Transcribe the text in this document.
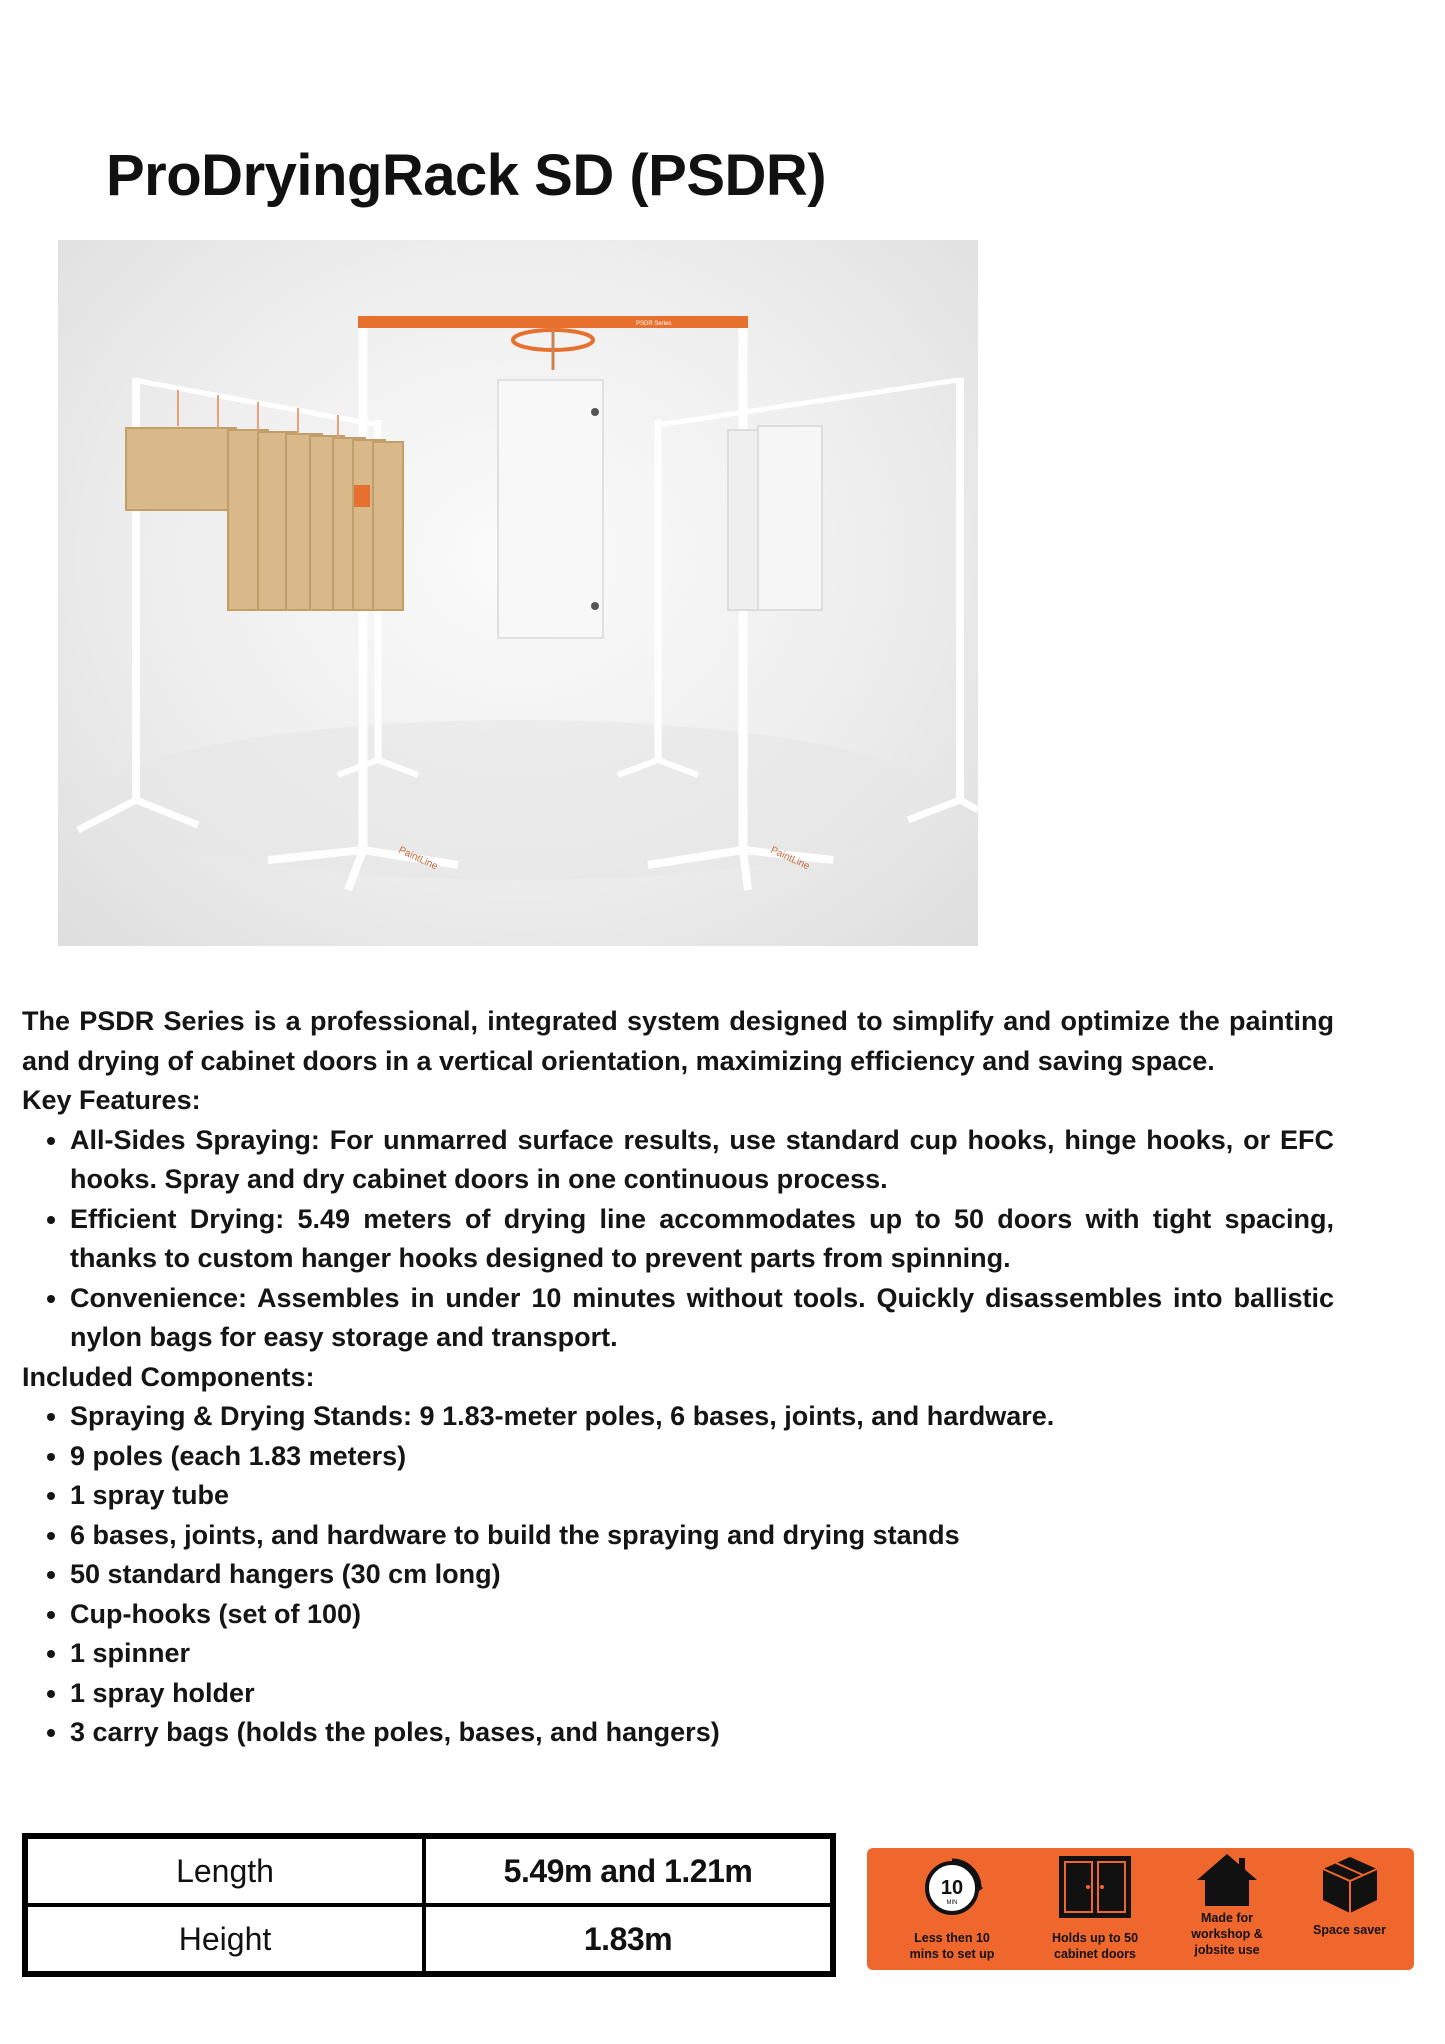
ProDryingRack SD (PSDR)
PaintLine	PaintLine
PSDR Series

The PSDR Series is a professional, integrated system designed to simplify and optimize the painting and drying of cabinet doors in a vertical orientation, maximizing efficiency and saving space.

Key Features:
• All-Sides Spraying: For unmarred surface results, use standard cup hooks, hinge hooks, or EFC hooks. Spray and dry cabinet doors in one continuous process.
• Efficient Drying: 5.49 meters of drying line accommodates up to 50 doors with tight spacing, thanks to custom hanger hooks designed to prevent parts from spinning.
• Convenience: Assembles in under 10 minutes without tools. Quickly disassembles into ballistic nylon bags for easy storage and transport.
Included Components:
• Spraying & Drying Stands: 9 1.83-meter poles, 6 bases, joints, and hardware.
• 9 poles (each 1.83 meters)
• 1 spray tube
• 6 bases, joints, and hardware to build the spraying and drying stands
• 50 standard hangers (30 cm long)
• Cup-hooks (set of 100)
• 1 spinner
• 1 spray holder
• 3 carry bags (holds the poles, bases, and hangers)
Length	5.49m and 1.21m
Height	1.83m
10
MIN
Less then 10
mins to set up
Holds up to 50
cabinet doors
Made for
workshop &
jobsite use
Space saver
